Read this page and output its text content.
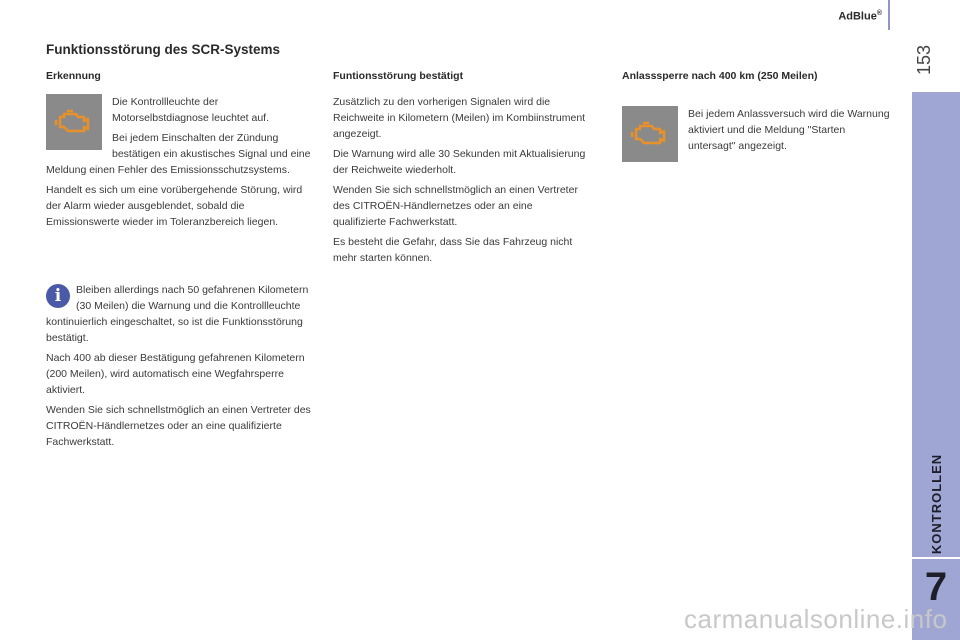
AdBlue®
153
KONTROLLEN
7
Funktionsstörung des SCR-Systems
Erkennung

Die Kontrollleuchte der Motorselbstdiagnose leuchtet auf.

Bei jedem Einschalten der Zündung bestätigen ein akustisches Signal und eine Meldung einen Fehler des Emissionsschutzsystems.

Handelt es sich um eine vorübergehende Störung, wird der Alarm wieder ausgeblendet, sobald die Emissionswerte wieder im Toleranzbereich liegen.

i	Bleiben allerdings nach 50 gefahrenen Kilometern (30 Meilen) die Warnung und die Kontrollleuchte kontinuierlich eingeschaltet, so ist die Funktionsstörung bestätigt.

Nach 400 ab dieser Bestätigung gefahrenen Kilometern (200 Meilen), wird automatisch eine Wegfahrsperre aktiviert.

Wenden Sie sich schnellstmöglich an einen Vertreter des CITROËN-Händlernetzes oder an eine qualifizierte Fachwerkstatt.

Funtionsstörung bestätigt

Zusätzlich zu den vorherigen Signalen wird die Reichweite in Kilometern (Meilen) im Kombiinstrument angezeigt.

Die Warnung wird alle 30 Sekunden mit Aktualisierung der Reichweite wiederholt.

Wenden Sie sich schnellstmöglich an einen Vertreter des CITROËN-Händlernetzes oder an eine qualifizierte Fachwerkstatt.

Es besteht die Gefahr, dass Sie das Fahrzeug nicht mehr starten können.

Anlasssperre nach 400 km (250 Meilen)

Bei jedem Anlassversuch wird die Warnung aktiviert und die Meldung "Starten untersagt" angezeigt.

carmanualsonline.info
